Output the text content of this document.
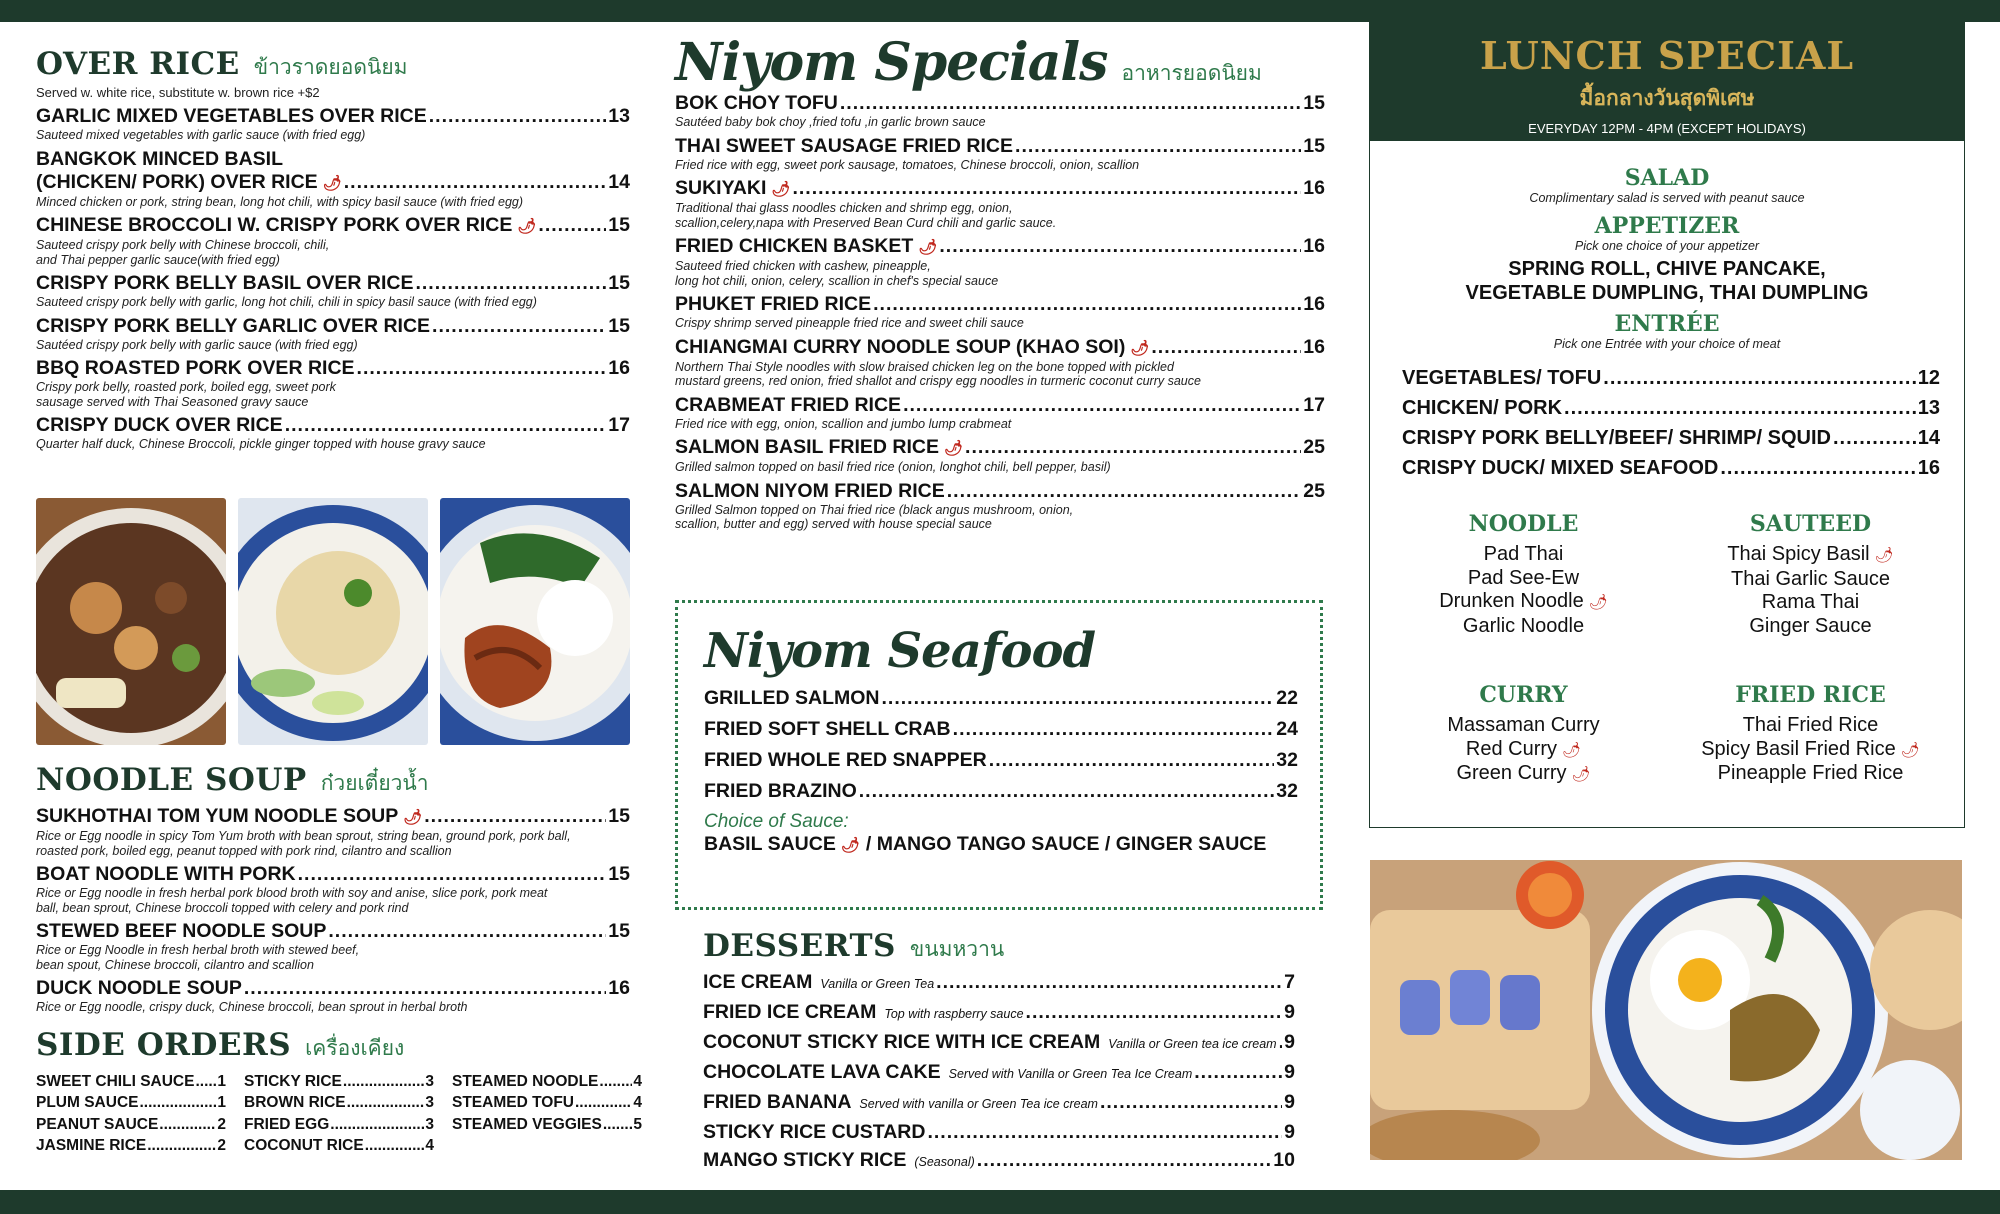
OVER RICE ข้าวราดยอดนิยม
Served w. white rice, substitute w. brown rice +$2
GARLIC MIXED VEGETABLES OVER RICE .....	13
Sauteed mixed vegetables with garlic sauce (with fried egg)
BANGKOK MINCED BASIL
(CHICKEN/ PORK) OVER RICE 🌶 .....	14
Minced chicken or pork, string bean, long hot chili, with spicy basil sauce (with fried egg)
CHINESE BROCCOLI W. CRISPY PORK OVER RICE 🌶 .....	15
Sauteed crispy pork belly with Chinese broccoli, chili,
and Thai pepper garlic sauce(with fried egg)
CRISPY PORK BELLY BASIL OVER RICE .....	15
Sauteed crispy pork belly with garlic, long hot chili, chili in spicy basil sauce (with fried egg)
CRISPY PORK BELLY GARLIC OVER RICE .....	15
Sautéed crispy pork belly with garlic sauce (with fried egg)
BBQ ROASTED PORK OVER RICE .....	16
Crispy pork belly, roasted pork, boiled egg, sweet pork
sausage served with Thai Seasoned gravy sauce
CRISPY DUCK OVER RICE .....	17
Quarter half duck, Chinese Broccoli, pickle ginger topped with house gravy sauce
NOODLE SOUP ก๋วยเตี๋ยวน้ำ
SUKHOTHAI TOM YUM NOODLE SOUP 🌶 .....	15
Rice or Egg noodle in spicy Tom Yum broth with bean sprout, string bean, ground pork, pork ball,
roasted pork, boiled egg, peanut topped with pork rind, cilantro and scallion
BOAT NOODLE WITH PORK .....	15
Rice or Egg noodle in fresh herbal pork blood broth with soy and anise, slice pork, pork meat
ball, bean sprout, Chinese broccoli topped with celery and pork rind
STEWED BEEF NOODLE SOUP .....	15
Rice or Egg Noodle in fresh herbal broth with stewed beef,
bean spout, Chinese broccoli, cilantro and scallion
DUCK NOODLE SOUP .....	16
Rice or Egg noodle, crispy duck, Chinese broccoli, bean sprout in herbal broth
SIDE ORDERS เครื่องเคียง
SWEET CHILI SAUCE ..... 1
PLUM SAUCE .....	1
PEANUT SAUCE .....	2
JASMINE RICE .....	2
STICKY RICE .....	3
BROWN RICE .....	3
FRIED EGG .....	3
COCONUT RICE .....	4
STEAMED NOODLE ..... 4
STEAMED TOFU .....	4
STEAMED VEGGIES ..... 5
Niyom Specials อาหารยอดนิยม
BOK CHOY TOFU .....	15
Sautéed baby bok choy ,fried tofu ,in garlic brown sauce
THAI SWEET SAUSAGE FRIED RICE .....	15
Fried rice with egg, sweet pork sausage, tomatoes, Chinese broccoli, onion, scallion
SUKIYAKI 🌶 .....	16
Traditional thai glass noodles chicken and shrimp egg, onion,
scallion,celery,napa with Preserved Bean Curd chili and garlic sauce.
FRIED CHICKEN BASKET 🌶 .....	16
Sauteed fried chicken with cashew, pineapple,
long hot chili, onion, celery, scallion in chef's special sauce
PHUKET FRIED RICE .....	16
Crispy shrimp served pineapple fried rice and sweet chili sauce
CHIANGMAI CURRY NOODLE SOUP (KHAO SOI) 🌶 .....	16
Northern Thai Style noodles with slow braised chicken leg on the bone topped with pickled
mustard greens, red onion, fried shallot and crispy egg noodles in turmeric coconut curry sauce
CRABMEAT FRIED RICE .....	17
Fried rice with egg, onion, scallion and jumbo lump crabmeat
SALMON BASIL FRIED RICE 🌶 .....	25
Grilled salmon topped on basil fried rice (onion, longhot chili, bell pepper, basil)
SALMON NIYOM FRIED RICE .....	25
Grilled Salmon topped on Thai fried rice (black angus mushroom, onion,
scallion, butter and egg) served with house special sauce
Niyom Seafood
GRILLED SALMON .....	22
FRIED SOFT SHELL CRAB .....	24
FRIED WHOLE RED SNAPPER .....	32
FRIED BRAZINO .....	32
Choice of Sauce:
BASIL SAUCE 🌶 / MANGO TANGO SAUCE / GINGER SAUCE
DESSERTS ขนมหวาน
ICE CREAM Vanilla or Green Tea .....	7
FRIED ICE CREAM Top with raspberry sauce .....	9
COCONUT STICKY RICE WITH ICE CREAM Vanilla or Green tea ice cream ..... 9
CHOCOLATE LAVA CAKE Served with Vanilla or Green Tea Ice Cream .....	9
FRIED BANANA Served with vanilla or Green Tea ice cream .....	9
STICKY RICE CUSTARD .....	9
MANGO STICKY RICE (Seasonal) .....	10
LUNCH SPECIAL
มื้อกลางวันสุดพิเศษ
EVERYDAY 12PM - 4PM (EXCEPT HOLIDAYS)
SALAD
Complimentary salad is served with peanut sauce
APPETIZER
Pick one choice of your appetizer
SPRING ROLL, CHIVE PANCAKE,
VEGETABLE DUMPLING, THAI DUMPLING
ENTRÉE
Pick one Entrée with your choice of meat
VEGETABLES/ TOFU .....	12
CHICKEN/ PORK .....	13
CRISPY PORK BELLY/BEEF/ SHRIMP/ SQUID .....	14
CRISPY DUCK/ MIXED SEAFOOD .....	16
NOODLE
Pad Thai
Pad See-Ew
Drunken Noodle 🌶
Garlic Noodle
SAUTEED
Thai Spicy Basil 🌶
Thai Garlic Sauce
Rama Thai
Ginger Sauce
CURRY
Massaman Curry
Red Curry 🌶
Green Curry 🌶
FRIED RICE
Thai Fried Rice
Spicy Basil Fried Rice 🌶
Pineapple Fried Rice
